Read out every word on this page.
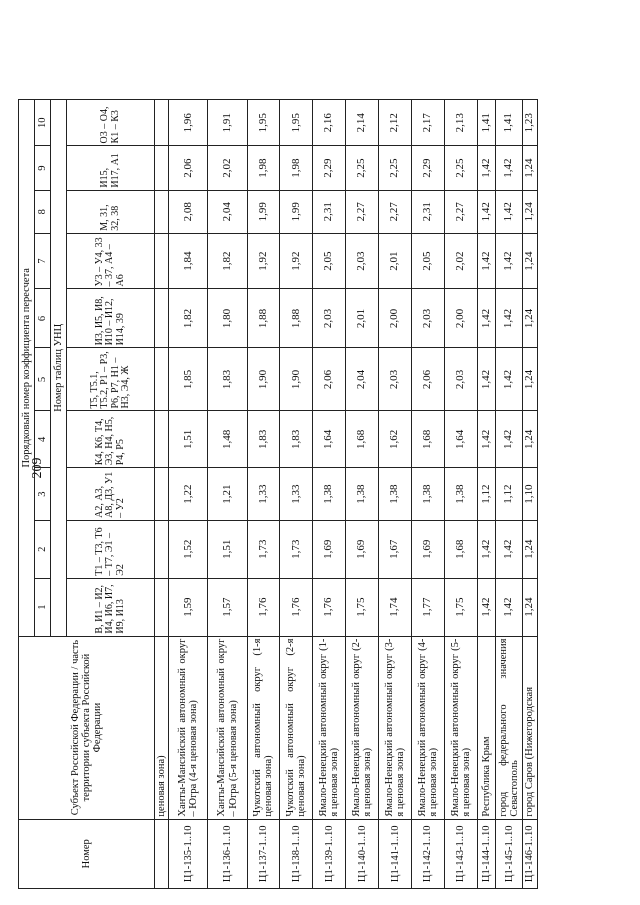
209
Номер	Субъект Российской Федерации / часть территории субъекта Российской Федерации	Порядковый номер коэффициента пересчета									
		1	2	3	4	5	6	7	8	9	10
		Номер таблиц УНЦ									
		В, И1 – И2, И4, И6, И7, И9, И13	Т1 – Т3, Т6 – Т7, Э1 – Э2	А2, А3, А8, Д3, У1 – У2	К4, К6, Т4, Э3, Н4, Н5, Р4, Р5	Т5, Т5.1, Т5.2, Р1 – Р3, Р6, Р7, Н1 – Н3, Э4, Ж	И3, И5, И8, И10 – И12, И14, 39	У3 – У4, 33 – 37, А4 – А6	М, 31, 32, 38	И15, И17, А1	О3 – О4, К1 – К3
	ценовая зона)										
Ц1-135-1..10	Ханты-Мансийский автономный округ – Югра (4-я ценовая зона)	1,59	1,52	1,22	1,51	1,85	1,82	1,84	2,08	2,06	1,96
Ц1-136-1..10	Ханты-Мансийский автономный округ – Югра (5-я ценовая зона)	1,57	1,51	1,21	1,48	1,83	1,80	1,82	2,04	2,02	1,91
Ц1-137-1..10	Чукотский автономный округ (1-я ценовая зона)	1,76	1,73	1,33	1,83	1,90	1,88	1,92	1,99	1,98	1,95
Ц1-138-1..10	Чукотский автономный округ (2-я ценовая зона)	1,76	1,73	1,33	1,83	1,90	1,88	1,92	1,99	1,98	1,95
Ц1-139-1..10	Ямало-Ненецкий автономный округ (1-я ценовая зона)	1,76	1,69	1,38	1,64	2,06	2,03	2,05	2,31	2,29	2,16
Ц1-140-1..10	Ямало-Ненецкий автономный округ (2-я ценовая зона)	1,75	1,69	1,38	1,68	2,04	2,01	2,03	2,27	2,25	2,14
Ц1-141-1..10	Ямало-Ненецкий автономный округ (3-я ценовая зона)	1,74	1,67	1,38	1,62	2,03	2,00	2,01	2,27	2,25	2,12
Ц1-142-1..10	Ямало-Ненецкий автономный округ (4-я ценовая зона)	1,77	1,69	1,38	1,68	2,06	2,03	2,05	2,31	2,29	2,17
Ц1-143-1..10	Ямало-Ненецкий автономный округ (5-я ценовая зона)	1,75	1,68	1,38	1,64	2,03	2,00	2,02	2,27	2,25	2,13
Ц1-144-1..10	Республика Крым	1,42	1,42	1,12	1,42	1,42	1,42	1,42	1,42	1,42	1,41
Ц1-145-1..10	город федерального значения Севастополь	1,42	1,42	1,12	1,42	1,42	1,42	1,42	1,42	1,42	1,41
Ц1-146-1..10	город Саров (Нижегородская	1,24	1,24	1,10	1,24	1,24	1,24	1,24	1,24	1,24	1,23
